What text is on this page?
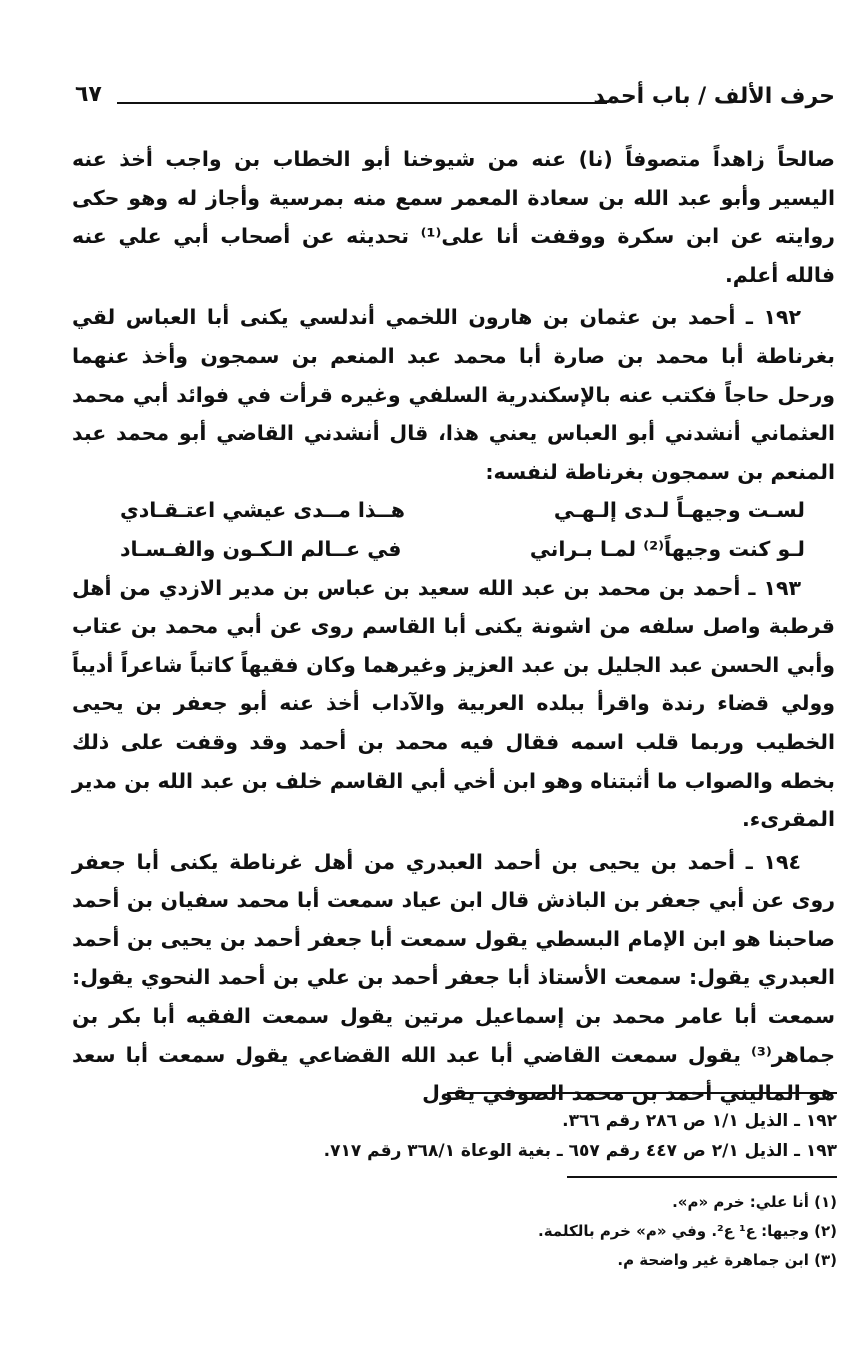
حرف الألف / باب أحمد
٦٧

صالحاً زاهداً متصوفاً (نا) عنه من شيوخنا أبو الخطاب بن واجب أخذ عنه اليسير وأبو عبد الله بن سعادة المعمر سمع منه بمرسية وأجاز له وهو حكى روايته عن ابن سكرة ووقفت أنا على⁽¹⁾ تحديثه عن أصحاب أبي علي عنه فالله أعلم.

١٩٢ ـ أحمد بن عثمان بن هارون اللخمي أندلسي يكنى أبا العباس لقي بغرناطة أبا محمد بن صارة أبا محمد عبد المنعم بن سمجون وأخذ عنهما ورحل حاجاً فكتب عنه بالإسكندرية السلفي وغيره قرأت في فوائد أبي محمد العثماني أنشدني أبو العباس يعني هذا، قال أنشدني القاضي أبو محمد عبد المنعم بن سمجون بغرناطة لنفسه:

لسـت وجيهـاً لـدى إلـهـي
هــذا مــدى عيشي اعتـقـادي
لـو كنت وجيهاً⁽²⁾ لمـا بـراني
في عــالم الـكـون والفـسـاد

١٩٣ ـ أحمد بن محمد بن عبد الله سعيد بن عباس بن مدير الازدي من أهل قرطبة واصل سلفه من اشونة يكنى أبا القاسم روى عن أبي محمد بن عتاب وأبي الحسن عبد الجليل بن عبد العزيز وغيرهما وكان فقيهاً كاتباً شاعراً أديباً وولي قضاء رندة واقرأ ببلده العربية والآداب أخذ عنه أبو جعفر بن يحيى الخطيب وربما قلب اسمه فقال فيه محمد بن أحمد وقد وقفت على ذلك بخطه والصواب ما أثبتناه وهو ابن أخي أبي القاسم خلف بن عبد الله بن مدير المقرىء.

١٩٤ ـ أحمد بن يحيى بن أحمد العبدري من أهل غرناطة يكنى أبا جعفر روى عن أبي جعفر بن الباذش قال ابن عياد سمعت أبا محمد سفيان بن أحمد صاحبنا هو ابن الإمام البسطي يقول سمعت أبا جعفر أحمد بن يحيى بن أحمد العبدري يقول: سمعت الأستاذ أبا جعفر أحمد بن علي بن أحمد النحوي يقول: سمعت أبا عامر محمد بن إسماعيل مرتين يقول سمعت الفقيه أبا بكر بن جماهر⁽³⁾ يقول سمعت القاضي أبا عبد الله القضاعي يقول سمعت أبا سعد هو الماليني أحمد بن محمد الصوفي يقول

١٩٢ ـ الذيل ١/١ ص ٢٨٦ رقم ٣٦٦.
١٩٣ ـ الذيل ٢/١ ص ٤٤٧ رقم ٦٥٧ ـ بغية الوعاة ٣٦٨/١ رقم ٧١٧.
(١) أنا علي: خرم «م».
(٢) وجيها: ع¹ ع². وفي «م» خرم بالكلمة.
(٣) ابن جماهرة غير واضحة م.
